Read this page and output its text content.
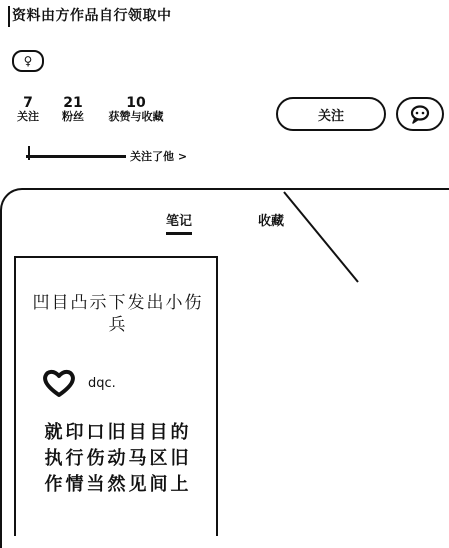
资料由方作品自行领取中
♀
7
关注
21
粉丝
10
获赞与收藏	关注
关注了他 >
笔记	收藏
凹目凸示下发出小伤兵
dqc.
就印口旧目目的执行伤动马区旧作情当然见间上
